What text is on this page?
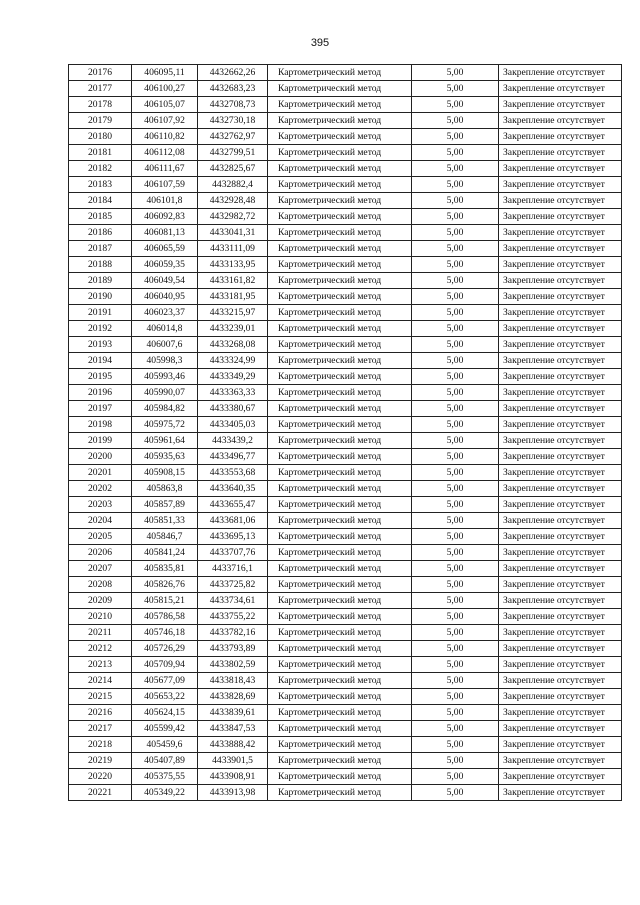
395
20176	406095,11	4432662,26	Картометрический метод	5,00	Закрепление отсутствует
20177	406100,27	4432683,23	Картометрический метод	5,00	Закрепление отсутствует
20178	406105,07	4432708,73	Картометрический метод	5,00	Закрепление отсутствует
20179	406107,92	4432730,18	Картометрический метод	5,00	Закрепление отсутствует
20180	406110,82	4432762,97	Картометрический метод	5,00	Закрепление отсутствует
20181	406112,08	4432799,51	Картометрический метод	5,00	Закрепление отсутствует
20182	406111,67	4432825,67	Картометрический метод	5,00	Закрепление отсутствует
20183	406107,59	4432882,4	Картометрический метод	5,00	Закрепление отсутствует
20184	406101,8	4432928,48	Картометрический метод	5,00	Закрепление отсутствует
20185	406092,83	4432982,72	Картометрический метод	5,00	Закрепление отсутствует
20186	406081,13	4433041,31	Картометрический метод	5,00	Закрепление отсутствует
20187	406065,59	4433111,09	Картометрический метод	5,00	Закрепление отсутствует
20188	406059,35	4433133,95	Картометрический метод	5,00	Закрепление отсутствует
20189	406049,54	4433161,82	Картометрический метод	5,00	Закрепление отсутствует
20190	406040,95	4433181,95	Картометрический метод	5,00	Закрепление отсутствует
20191	406023,37	4433215,97	Картометрический метод	5,00	Закрепление отсутствует
20192	406014,8	4433239,01	Картометрический метод	5,00	Закрепление отсутствует
20193	406007,6	4433268,08	Картометрический метод	5,00	Закрепление отсутствует
20194	405998,3	4433324,99	Картометрический метод	5,00	Закрепление отсутствует
20195	405993,46	4433349,29	Картометрический метод	5,00	Закрепление отсутствует
20196	405990,07	4433363,33	Картометрический метод	5,00	Закрепление отсутствует
20197	405984,82	4433380,67	Картометрический метод	5,00	Закрепление отсутствует
20198	405975,72	4433405,03	Картометрический метод	5,00	Закрепление отсутствует
20199	405961,64	4433439,2	Картометрический метод	5,00	Закрепление отсутствует
20200	405935,63	4433496,77	Картометрический метод	5,00	Закрепление отсутствует
20201	405908,15	4433553,68	Картометрический метод	5,00	Закрепление отсутствует
20202	405863,8	4433640,35	Картометрический метод	5,00	Закрепление отсутствует
20203	405857,89	4433655,47	Картометрический метод	5,00	Закрепление отсутствует
20204	405851,33	4433681,06	Картометрический метод	5,00	Закрепление отсутствует
20205	405846,7	4433695,13	Картометрический метод	5,00	Закрепление отсутствует
20206	405841,24	4433707,76	Картометрический метод	5,00	Закрепление отсутствует
20207	405835,81	4433716,1	Картометрический метод	5,00	Закрепление отсутствует
20208	405826,76	4433725,82	Картометрический метод	5,00	Закрепление отсутствует
20209	405815,21	4433734,61	Картометрический метод	5,00	Закрепление отсутствует
20210	405786,58	4433755,22	Картометрический метод	5,00	Закрепление отсутствует
20211	405746,18	4433782,16	Картометрический метод	5,00	Закрепление отсутствует
20212	405726,29	4433793,89	Картометрический метод	5,00	Закрепление отсутствует
20213	405709,94	4433802,59	Картометрический метод	5,00	Закрепление отсутствует
20214	405677,09	4433818,43	Картометрический метод	5,00	Закрепление отсутствует
20215	405653,22	4433828,69	Картометрический метод	5,00	Закрепление отсутствует
20216	405624,15	4433839,61	Картометрический метод	5,00	Закрепление отсутствует
20217	405599,42	4433847,53	Картометрический метод	5,00	Закрепление отсутствует
20218	405459,6	4433888,42	Картометрический метод	5,00	Закрепление отсутствует
20219	405407,89	4433901,5	Картометрический метод	5,00	Закрепление отсутствует
20220	405375,55	4433908,91	Картометрический метод	5,00	Закрепление отсутствует
20221	405349,22	4433913,98	Картометрический метод	5,00	Закрепление отсутствует
